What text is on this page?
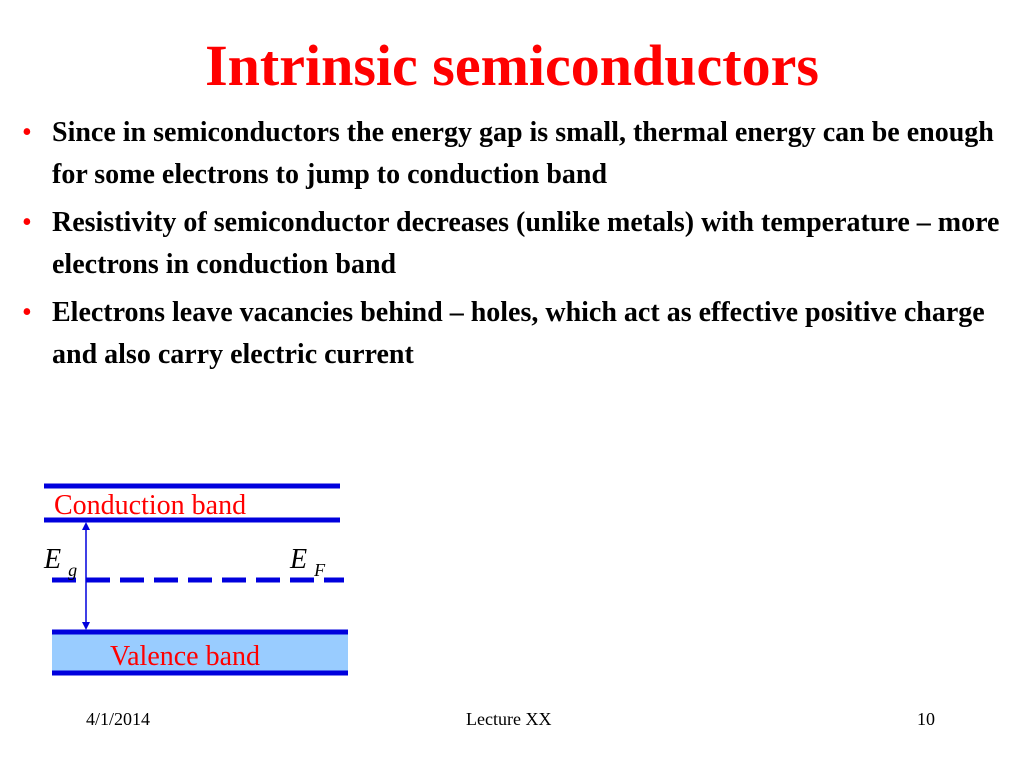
Intrinsic semiconductors
• Since in semiconductors the energy gap is small, thermal energy can be enough for some electrons to jump to conduction band
• Resistivity of semiconductor decreases (unlike metals) with temperature – more electrons in conduction band
• Electrons leave vacancies behind – holes, which act as effective positive charge and also carry electric current
Conduction band
Valence band
E $_g$	E $_F$
4/1/2014	Lecture XX	10
